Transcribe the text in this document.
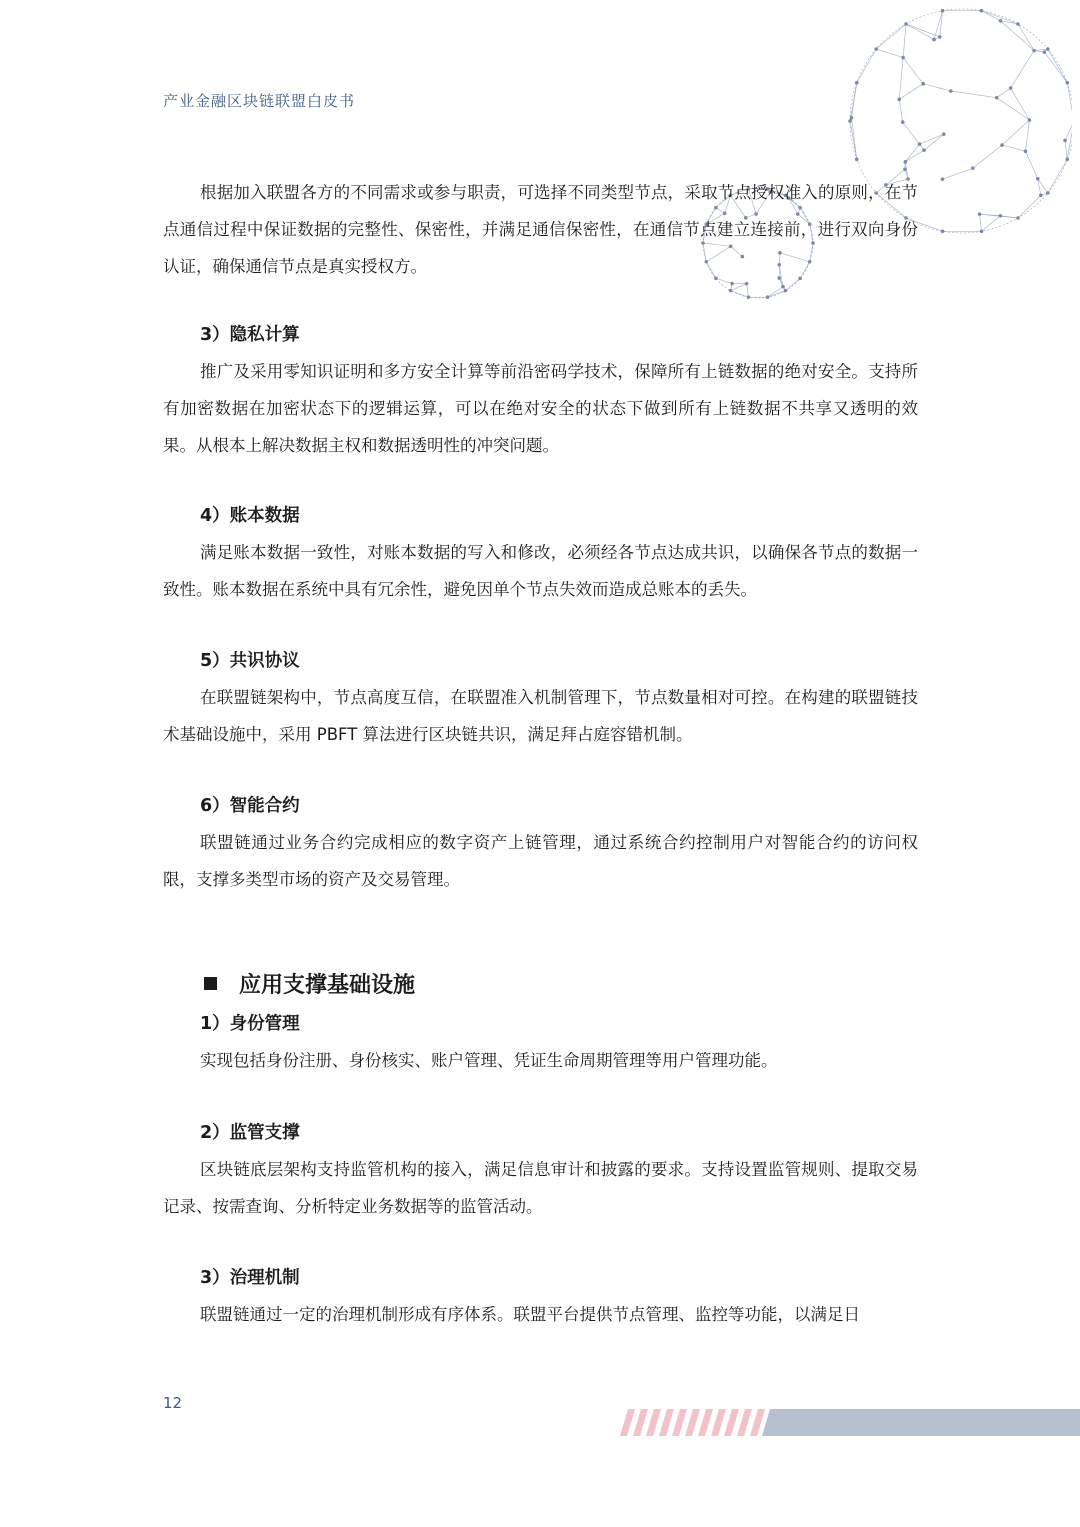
产业金融区块链联盟白皮书

根据加入联盟各方的不同需求或参与职责，可选择不同类型节点，采取节点授权准入的原则，在节点通信过程中保证数据的完整性、保密性，并满足通信保密性，在通信节点建立连接前，进行双向身份认证，确保通信节点是真实授权方。

3）隐私计算

推广及采用零知识证明和多方安全计算等前沿密码学技术，保障所有上链数据的绝对安全。支持所有加密数据在加密状态下的逻辑运算，可以在绝对安全的状态下做到所有上链数据不共享又透明的效果。从根本上解决数据主权和数据透明性的冲突问题。

4）账本数据

满足账本数据一致性，对账本数据的写入和修改，必须经各节点达成共识，以确保各节点的数据一致性。账本数据在系统中具有冗余性，避免因单个节点失效而造成总账本的丢失。

5）共识协议

在联盟链架构中，节点高度互信，在联盟准入机制管理下，节点数量相对可控。在构建的联盟链技术基础设施中，采用 PBFT 算法进行区块链共识，满足拜占庭容错机制。

6）智能合约

联盟链通过业务合约完成相应的数字资产上链管理，通过系统合约控制用户对智能合约的访问权限，支撑多类型市场的资产及交易管理。

应用支撑基础设施
1）身份管理

实现包括身份注册、身份核实、账户管理、凭证生命周期管理等用户管理功能。

2）监管支撑

区块链底层架构支持监管机构的接入，满足信息审计和披露的要求。支持设置监管规则、提取交易记录、按需查询、分析特定业务数据等的监管活动。

3）治理机制

联盟链通过一定的治理机制形成有序体系。联盟平台提供节点管理、监控等功能，以满足日

12
